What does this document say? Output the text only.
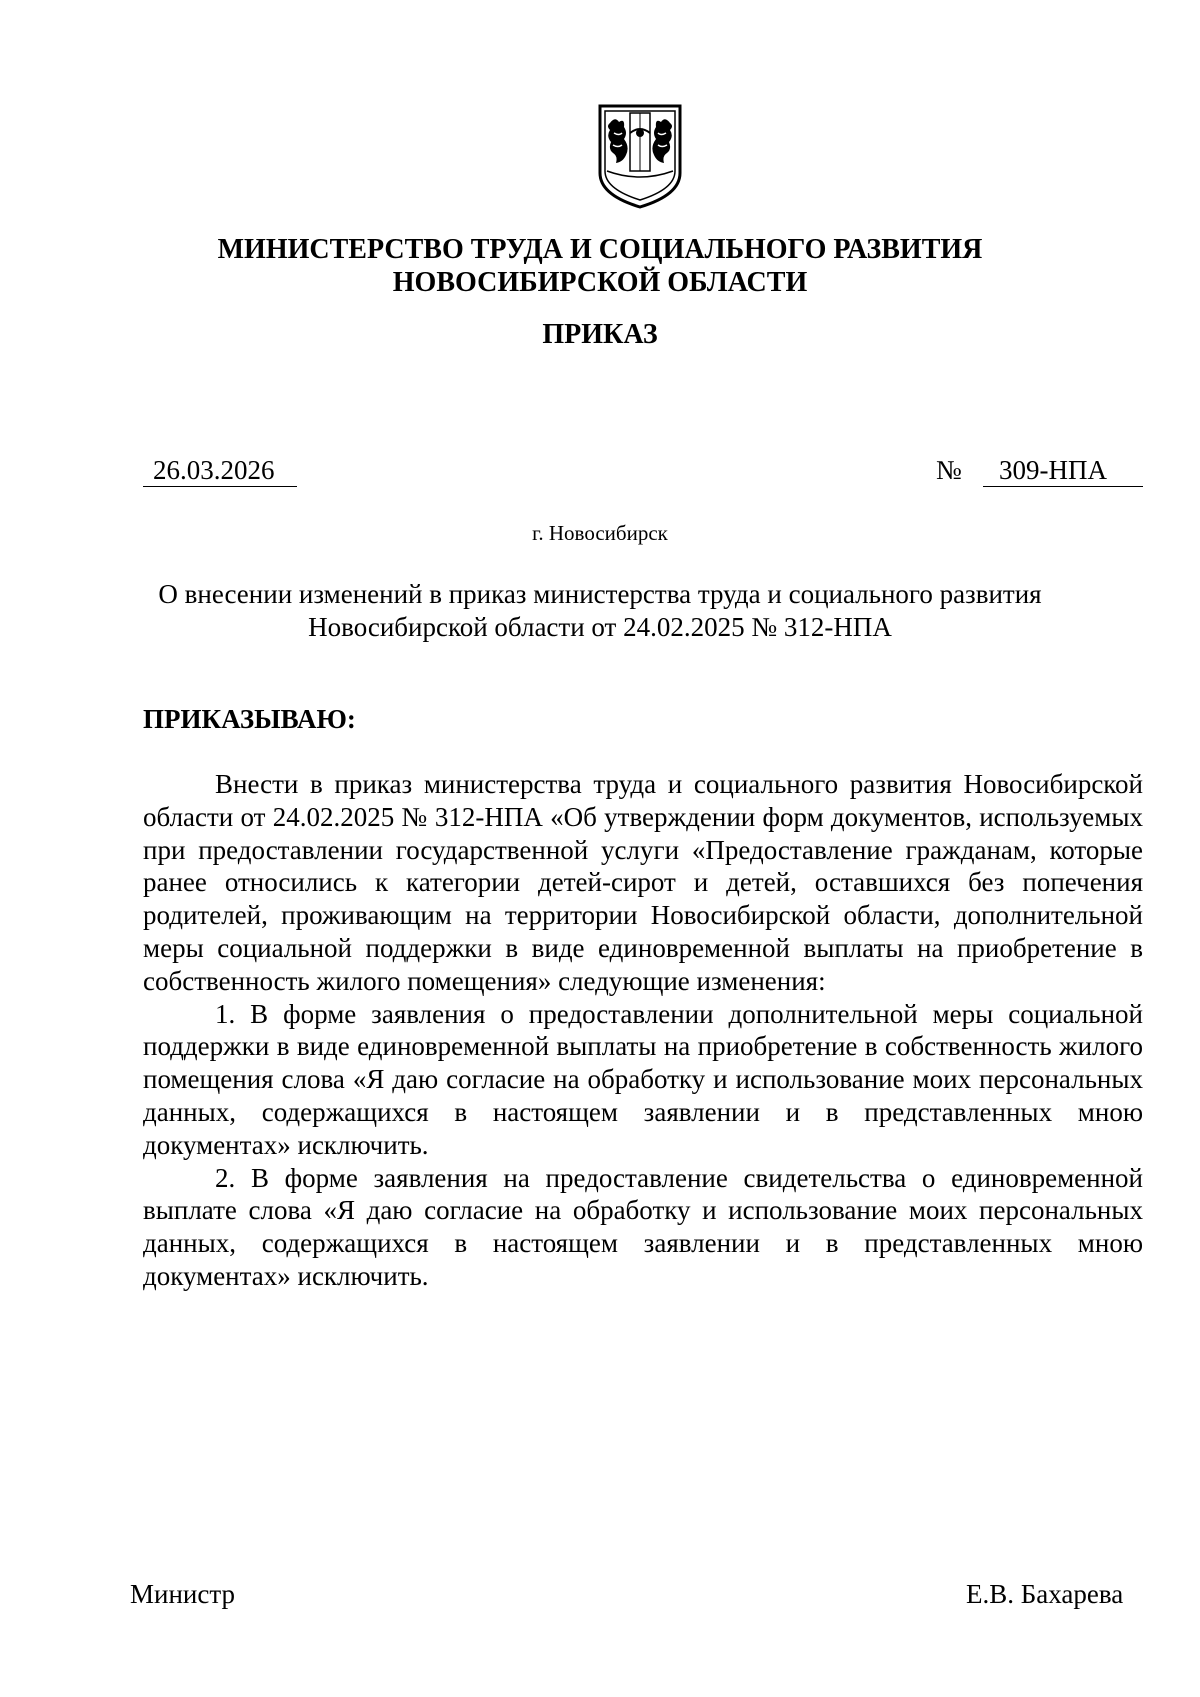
МИНИСТЕРСТВО ТРУДА И СОЦИАЛЬНОГО РАЗВИТИЯ
НОВОСИБИРСКОЙ ОБЛАСТИ
ПРИКАЗ
26.03.2026	№	309-НПА
г. Новосибирск
О внесении изменений в приказ министерства труда и социального развития
Новосибирской области от 24.02.2025 № 312-НПА
ПРИКАЗЫВАЮ:

Внести в приказ министерства труда и социального развития Новосибирской области от 24.02.2025 № 312-НПА «Об утверждении форм документов, используемых при предоставлении государственной услуги «Предоставление гражданам, которые ранее относились к категории детей-сирот и детей, оставшихся без попечения родителей, проживающим на территории Новосибирской области, дополнительной меры социальной поддержки в виде единовременной выплаты на приобретение в собственность жилого помещения» следующие изменения:

1. В форме заявления о предоставлении дополнительной меры социальной поддержки в виде единовременной выплаты на приобретение в собственность жилого помещения слова «Я даю согласие на обработку и использование моих персональных данных, содержащихся в настоящем заявлении и в представленных мною документах» исключить.

2. В форме заявления на предоставление свидетельства о единовременной выплате слова «Я даю согласие на обработку и использование моих персональных данных, содержащихся в настоящем заявлении и в представленных мною документах» исключить.

Министр	Е.В. Бахарева
